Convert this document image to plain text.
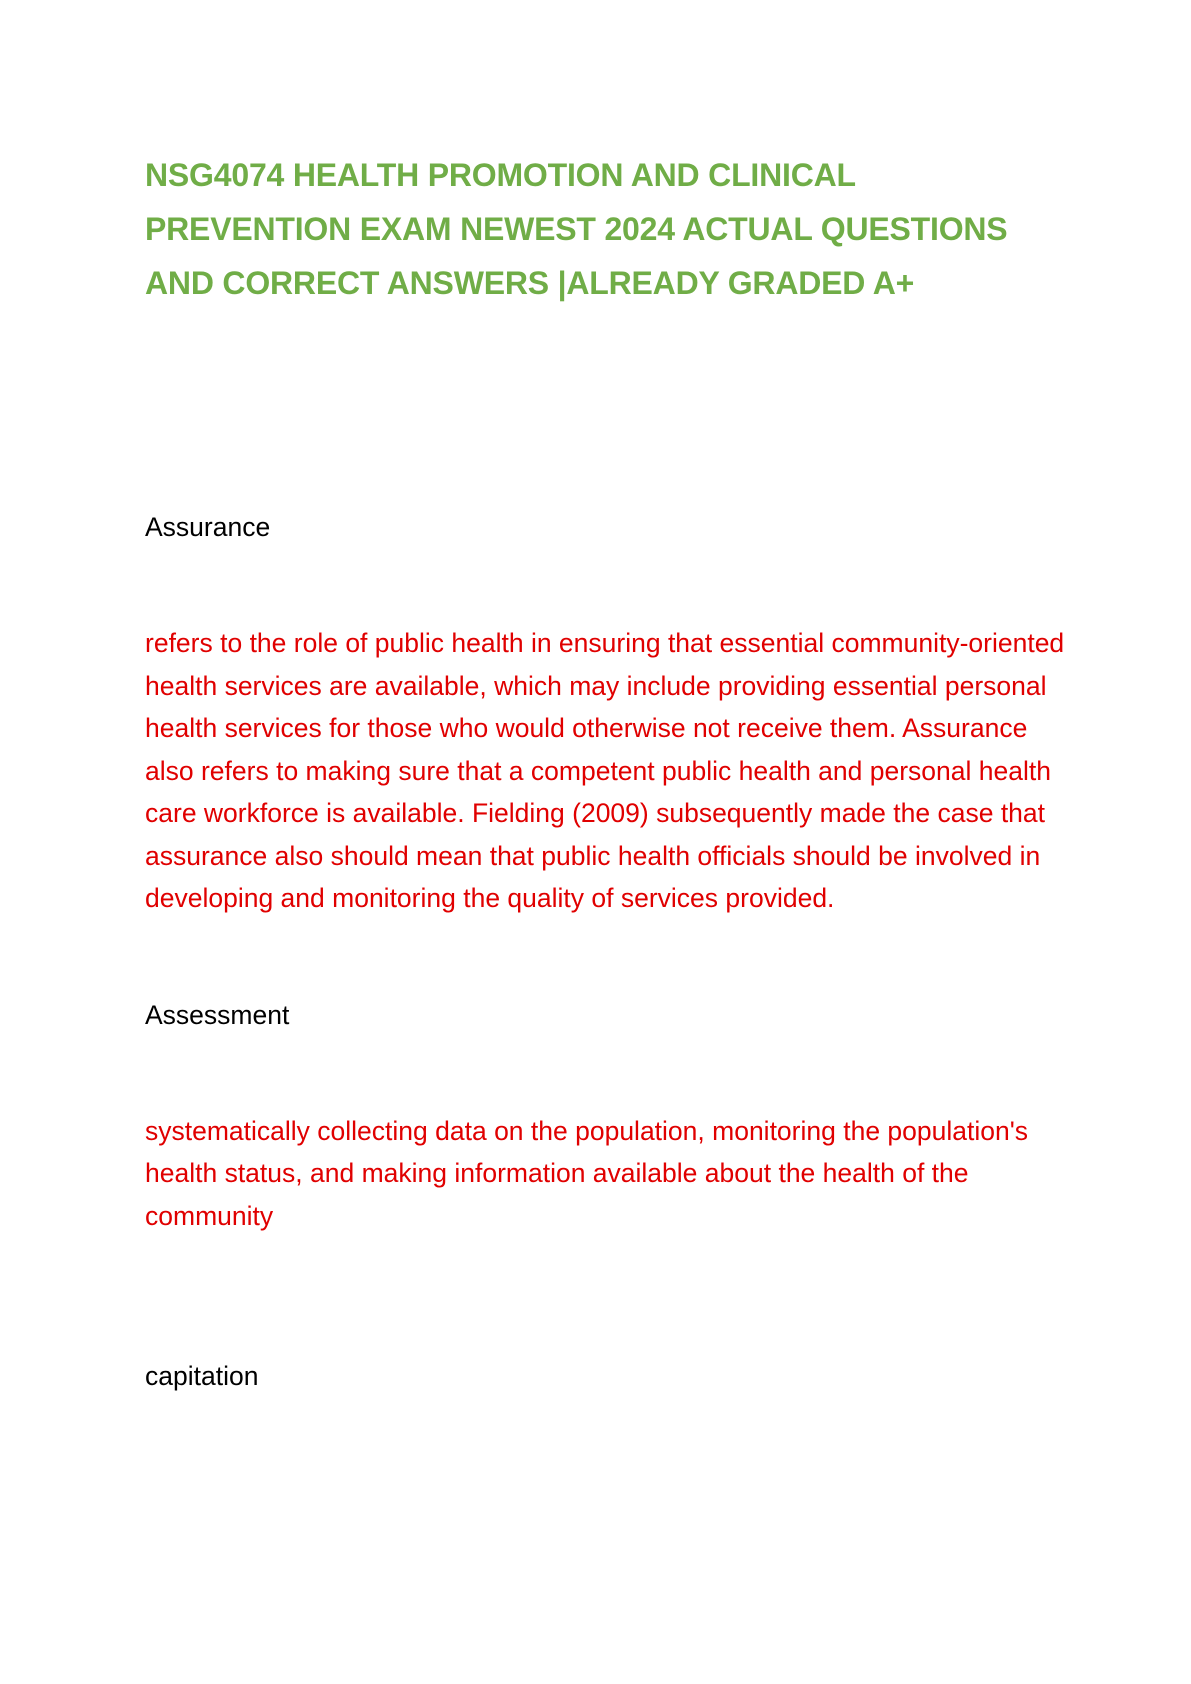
NSG4074 HEALTH PROMOTION AND CLINICAL PREVENTION EXAM NEWEST 2024 ACTUAL QUESTIONS AND CORRECT ANSWERS |ALREADY GRADED A+

Assurance

refers to the role of public health in ensuring that essential community-oriented health services are available, which may include providing essential personal health services for those who would otherwise not receive them. Assurance also refers to making sure that a competent public health and personal health care workforce is available. Fielding (2009) subsequently made the case that assurance also should mean that public health officials should be involved in developing and monitoring the quality of services provided.

Assessment

systematically collecting data on the population, monitoring the population's health status, and making information available about the health of the community

capitation
